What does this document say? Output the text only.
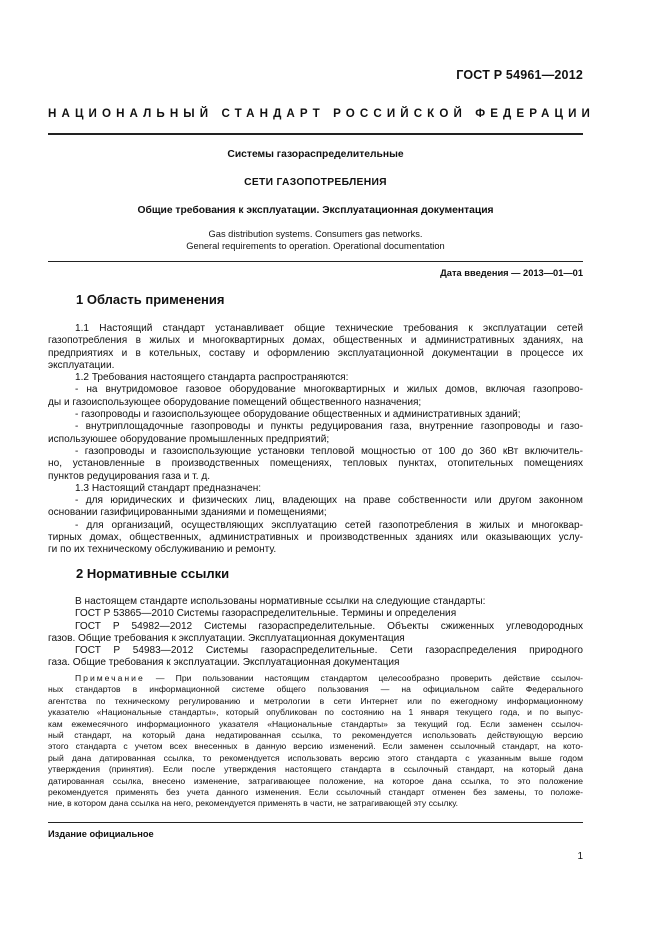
ГОСТ Р 54961—2012
НАЦИОНАЛЬНЫЙ СТАНДАРТ РОССИЙСКОЙ ФЕДЕРАЦИИ
Системы газораспределительные
СЕТИ ГАЗОПОТРЕБЛЕНИЯ
Общие требования к эксплуатации. Эксплуатационная документация
Gas distribution systems. Consumers gas networks.
General requirements to operation. Operational documentation
Дата введения — 2013—01—01
1 Область применения
1.1 Настоящий стандарт устанавливает общие технические требования к эксплуатации сетей
газопотребления в жилых и многоквартирных домах, общественных и административных зданиях, на
предприятиях и в котельных, составу и оформлению эксплуатационной документации в процессе их
эксплуатации.
1.2 Требования настоящего стандарта распространяются:
- на внутридомовое газовое оборудование многоквартирных и жилых домов, включая газопрово-
ды и газоиспользующее оборудование помещений общественного назначения;
- газопроводы и газоиспользующее оборудование общественных и административных зданий;
- внутриплощадочные газопроводы и пункты редуцирования газа, внутренние газопроводы и газо-
используюшее оборудование промышленных предприятий;
- газопроводы и газоиспользующие установки тепловой мощностью от 100 до 360 кВт включитель-
но, установленные в производственных помещениях, тепловых пунктах, отопительных помещениях
пунктов редуцирования газа и т. д.
1.3 Настоящий стандарт предназначен:
- для юридических и физических лиц, владеющих на праве собственности или другом законном
основании газифицированными зданиями и помещениями;
- для организаций, осуществляющих эксплуатацию сетей газопотребления в жилых и многоквар-
тирных домах, общественных, административных и производственных зданиях или оказывающих услу-
ги по их техническому обслуживанию и ремонту.
2 Нормативные ссылки
В настоящем стандарте использованы нормативные ссылки на следующие стандарты:
ГОСТ Р 53865—2010 Системы газораспределительные. Термины и определения
ГОСТ Р 54982—2012 Системы газораспределительные. Объекты сжиженных углеводородных
газов. Общие требования к эксплуатации. Эксплуатационная документация
ГОСТ Р 54983—2012 Системы газораспределительные. Сети газораспределения природного
газа. Общие требования к эксплуатации. Эксплуатационная документация
Примечание — При пользовании настоящим стандартом целесообразно проверить действие ссылоч-
ных стандартов в информационной системе общего пользования — на официальном сайте Федерального
агентства по техническому регулированию и метрологии в сети Интернет или по ежегодному информационному
указателю «Национальные стандарты», который опубликован по состоянию на 1 января текущего года, и по выпус-
кам ежемесячного информационного указателя «Национальные стандарты» за текущий год. Если заменен ссылоч-
ный стандарт, на который дана недатированная ссылка, то рекомендуется использовать действующую версию
этого стандарта с учетом всех внесенных в данную версию изменений. Если заменен ссылочный стандарт, на кото-
рый дана датированная ссылка, то рекомендуется использовать версию этого стандарта с указанным выше годом
утверждения (принятия). Если после утверждения настоящего стандарта в ссылочный стандарт, на который дана
датированная ссылка, внесено изменение, затрагивающее положение, на которое дана ссылка, то это положение
рекомендуется применять без учета данного изменения. Если ссылочный стандарт отменен без замены, то положе-
ние, в котором дана ссылка на него, рекомендуется применять в части, не затрагивающей эту ссылку.
Издание официальное
1
